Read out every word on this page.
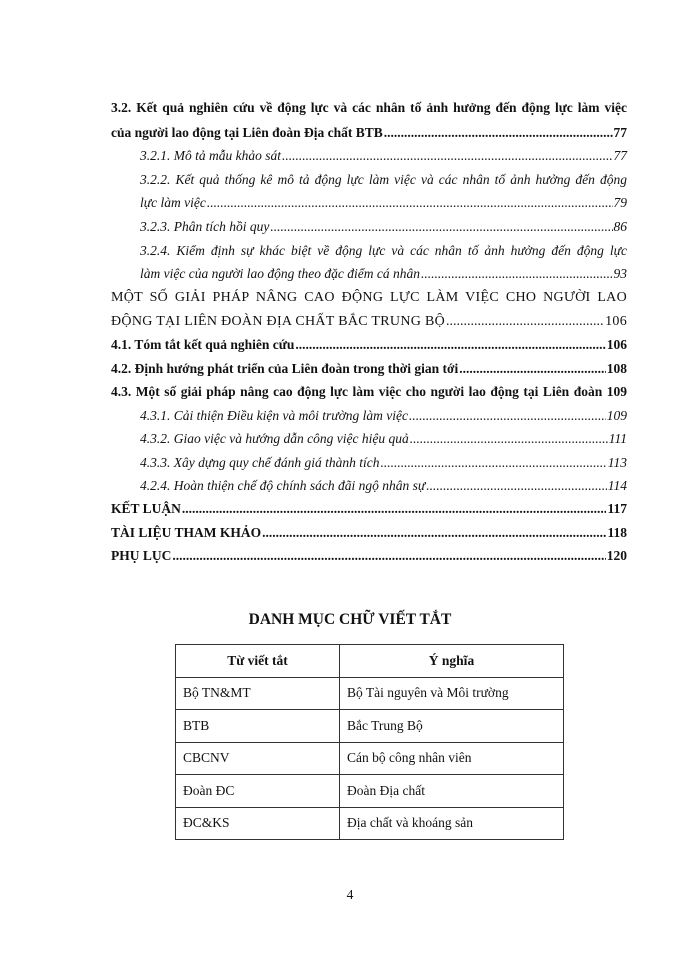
3.2. Kết quả nghiên cứu về động lực và các nhân tố ảnh hưởng đến động lực làm việc
của người lao động tại Liên đoàn Địa chất BTB .....	77
3.2.1. Mô tả mẫu khảo sát .....	77
3.2.2. Kết quả thống kê mô tả động lực làm việc và các nhân tố ảnh hưởng đến động
lực làm việc .....	79
3.2.3. Phân tích hồi quy .....	86
3.2.4. Kiểm định sự khác biệt về động lực và các nhân tố ảnh hưởng đến động lực
làm việc của người lao động theo đặc điểm cá nhân .....	93
MỘT SỐ GIẢI PHÁP NÂNG CAO ĐỘNG LỰC LÀM VIỆC CHO NGƯỜI LAO
ĐỘNG TẠI LIÊN ĐOÀN ĐỊA CHẤT BẮC TRUNG BỘ .....	106
4.1. Tóm tắt kết quả nghiên cứu .....	106
4.2. Định hướng phát triển của Liên đoàn trong thời gian tới .....	108
4.3. Một số giải pháp nâng cao động lực làm việc cho người lao động tại Liên đoàn 109
4.3.1. Cải thiện Điều kiện và môi trường làm việc .....	109
4.3.2. Giao việc và hướng dẫn công việc hiệu quả .....	111
4.3.3. Xây dựng quy chế đánh giá thành tích .....	113
4.2.4. Hoàn thiện chế độ chính sách đãi ngộ nhân sự .....	114
KẾT LUẬN .....	117
TÀI LIỆU THAM KHẢO .....	118
PHỤ LỤC .....	120
DANH MỤC CHỮ VIẾT TẮT
Từ viết tắt	Ý nghĩa
Bộ TN&MT	Bộ Tài nguyên và Môi trường
BTB	Bắc Trung Bộ
CBCNV	Cán bộ công nhân viên
Đoàn ĐC	Đoàn Địa chất
ĐC&KS	Địa chất và khoáng sản
4
